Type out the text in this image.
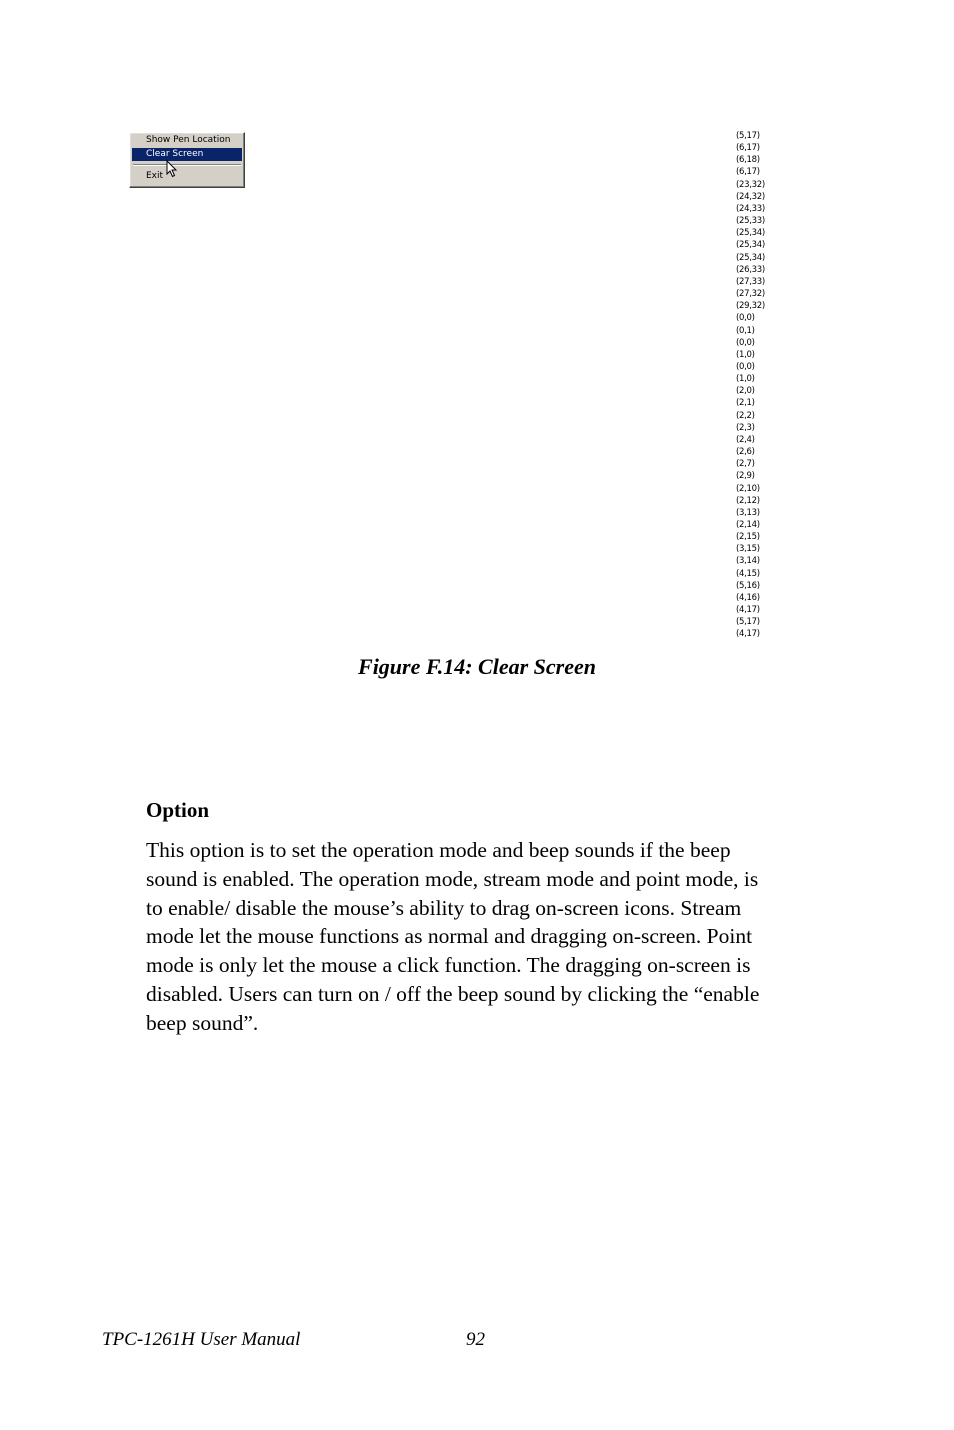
Show Pen Location
Clear Screen
Exit
(5,17)
(6,17)
(6,18)
(6,17)
(23,32)
(24,32)
(24,33)
(25,33)
(25,34)
(25,34)
(25,34)
(26,33)
(27,33)
(27,32)
(29,32)
(0,0)
(0,1)
(0,0)
(1,0)
(0,0)
(1,0)
(2,0)
(2,1)
(2,2)
(2,3)
(2,4)
(2,6)
(2,7)
(2,9)
(2,10)
(2,12)
(3,13)
(2,14)
(2,15)
(3,15)
(3,14)
(4,15)
(5,16)
(4,16)
(4,17)
(5,17)
(4,17)
Figure F.14: Clear Screen
Option

This option is to set the operation mode and beep sounds if the beep
sound is enabled. The operation mode, stream mode and point mode, is
to enable/ disable the mouse’s ability to drag on-screen icons. Stream
mode let the mouse functions as normal and dragging on-screen. Point
mode is only let the mouse a click function. The dragging on-screen is
disabled. Users can turn on / off the beep sound by clicking the “enable
beep sound”.

TPC-1261H User Manual	92
